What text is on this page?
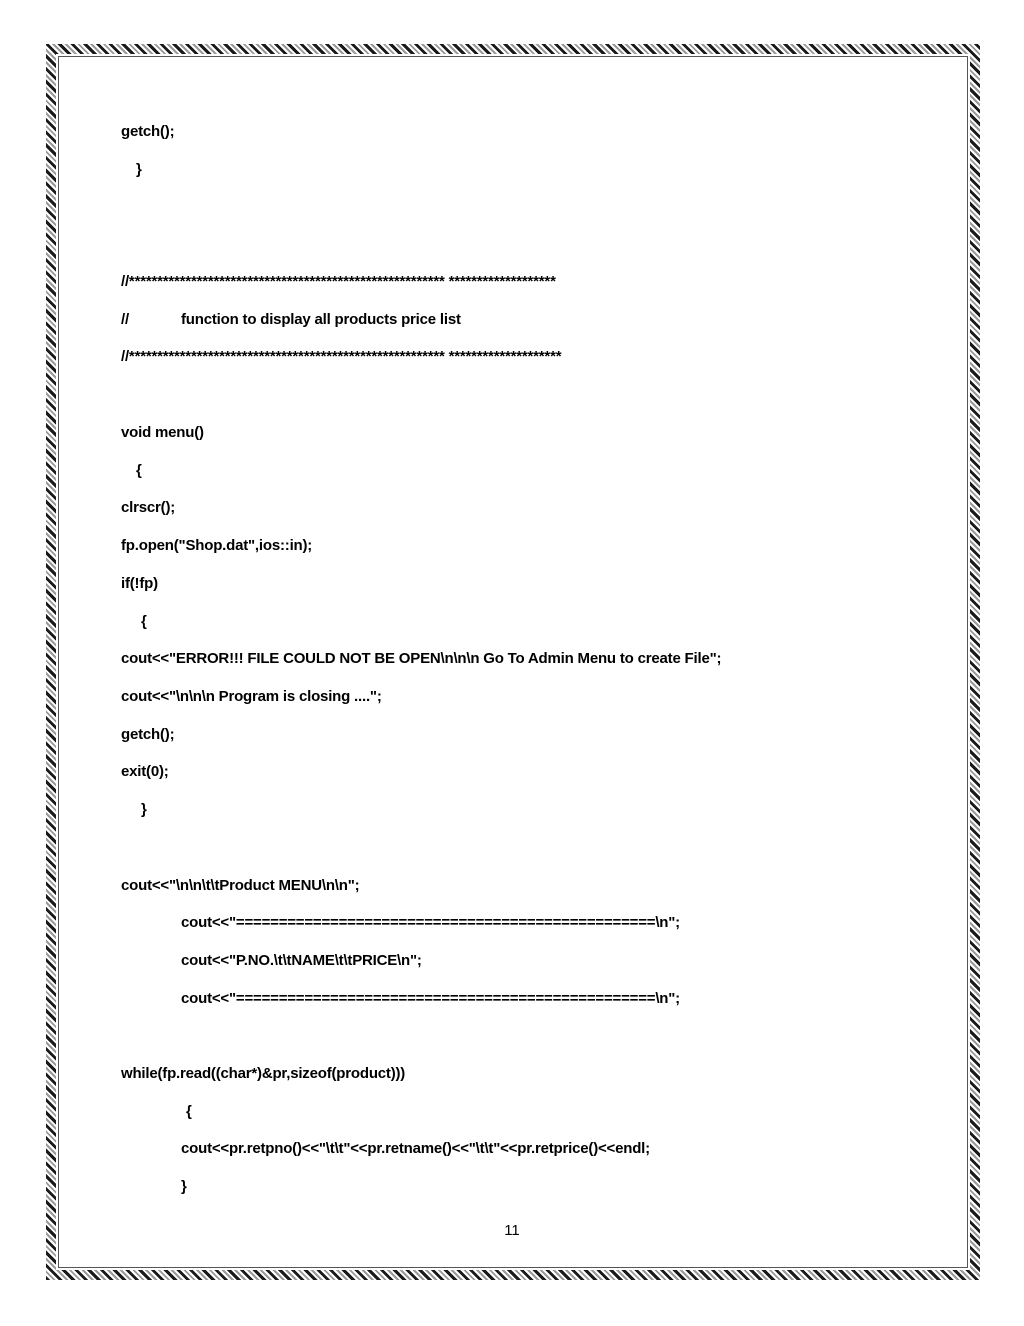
getch();

}

//******************************************************** *******************

//	function to display all products price list

//******************************************************** ********************

void menu()

{

clrscr();

fp.open("Shop.dat",ios::in);

if(!fp)

{

cout<<"ERROR!!! FILE COULD NOT BE OPEN\n\n\n Go To Admin Menu to create File";

cout<<"\n\n\n Program is closing ....";

getch();

exit(0);

}

cout<<"\n\n\t\tProduct MENU\n\n";

cout<<"=================================================\n";

cout<<"P.NO.\t\tNAME\t\tPRICE\n";

cout<<"=================================================\n";

while(fp.read((char*)&pr,sizeof(product)))

{

cout<<pr.retpno()<<"\t\t"<<pr.retname()<<"\t\t"<<pr.retprice()<<endl;

}

11
